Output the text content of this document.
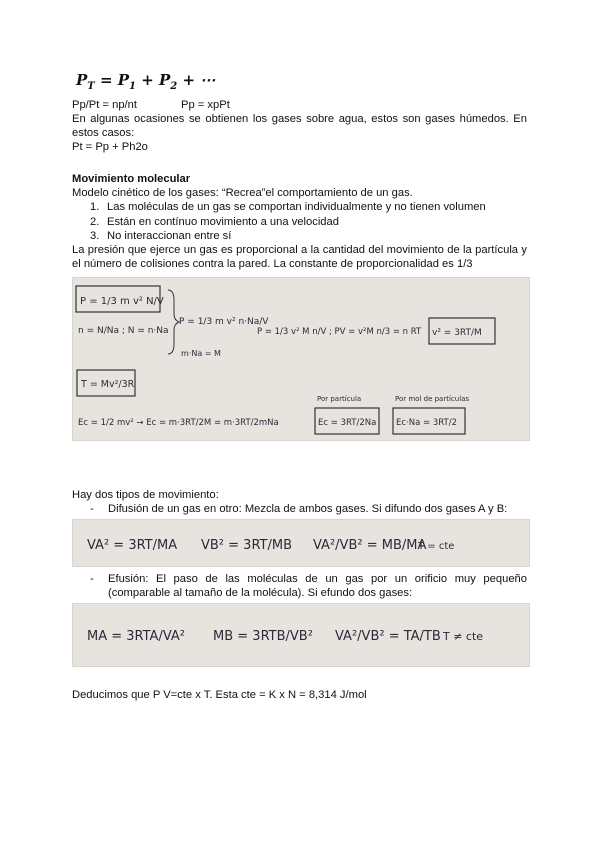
$P_T = P_1 + P_2$ + ⋯
Pp/Pt = np/nt	Pp = xpPt
En algunas ocasiones se obtienen los gases sobre agua, estos son gases húmedos. En estos casos:
Pt = Pp + Ph2o
Movimiento molecular
Modelo cinético de los gases: “Recrea”el comportamiento de un gas.
1. Las moléculas de un gas se comportan individualmente y no tienen volumen
2. Están en contínuo movimiento a una velocidad
3. No interaccionan entre sí
La presión que ejerce un gas es proporcional a la cantidad del movimiento de la partícula y el número de colisiones contra la pared. La constante de proporcionalidad es 1/3
P = 1/3 m v² N/V
n = N/Na ; N = n·Na
P = 1/3 m v² n·Na/V
m·Na = M
P = 1/3 v² M n/V ; PV = v²M n/3 = n RT v² = 3RT/M
T = Mv²/3R
Ec = 1/2 mv² → Ec = m·3RT/2M = m·3RT/2mNa
Por partícula
Ec = 3RT/2Na
Por mol de partículas
Ec·Na = 3RT/2
Hay dos tipos de movimiento:
- Difusión de un gas en otro: Mezcla de ambos gases. Si difundo dos gases A y B:
VA² = 3RT/MA VB² = 3RT/MB VA²/VB² = MB/MA
T = cte
- Efusión: El paso de las moléculas de un gas por un orificio muy pequeño (comparable al tamaño de la molécula). Si efundo dos gases:
MA = 3RTA/VA² MB = 3RTB/VB² VA²/VB² = TA/TB T ≠ cte
Deducimos que P V=cte x T. Esta cte = K x N = 8,314 J/mol
